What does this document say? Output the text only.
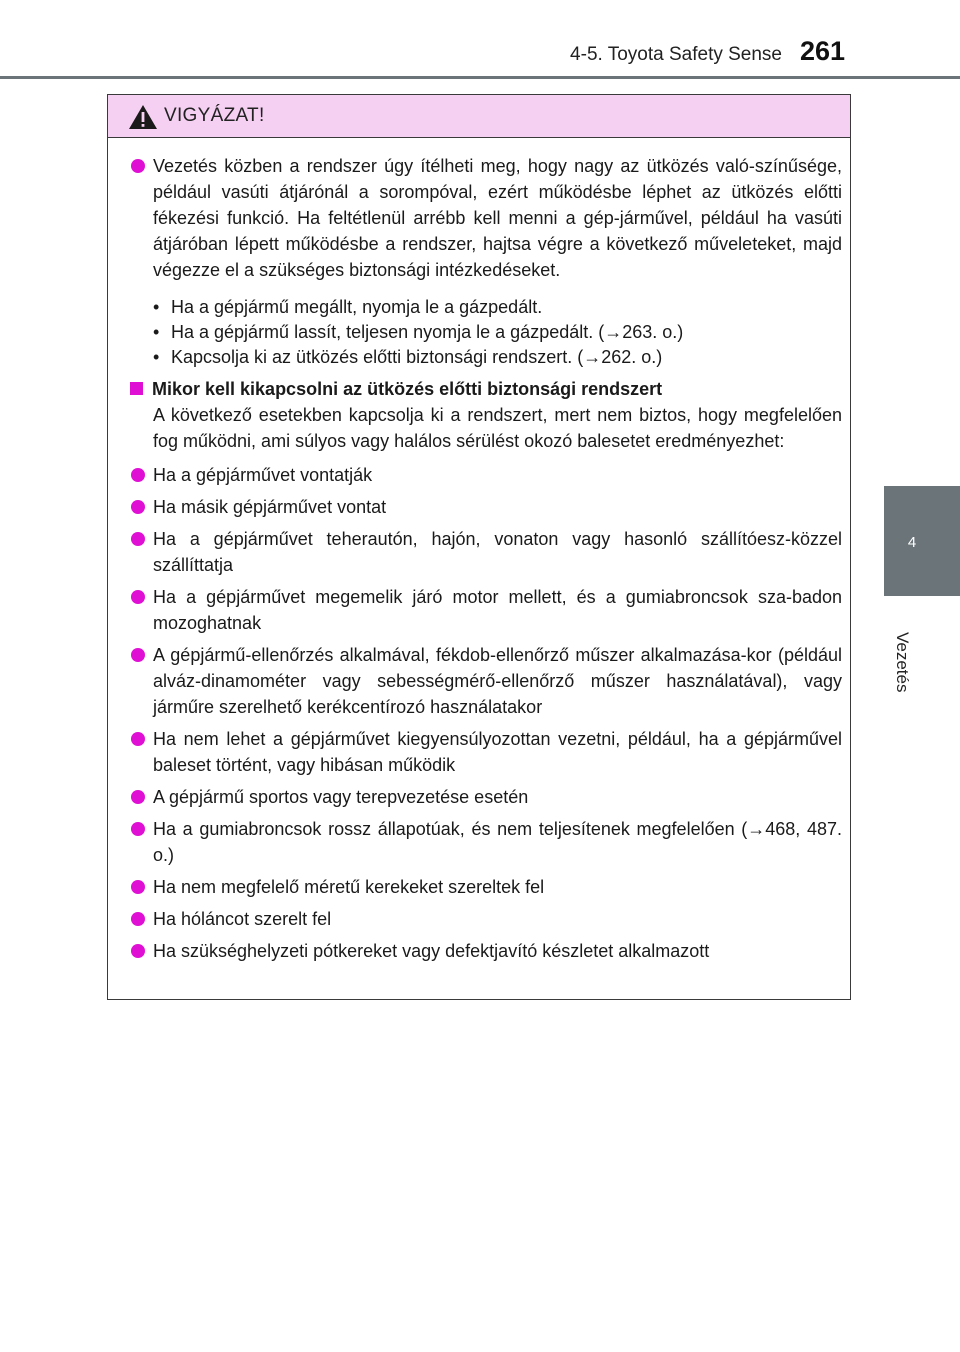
4-5. Toyota Safety Sense 261
4
Vezetés
VIGYÁZAT!
Vezetés közben a rendszer úgy ítélheti meg, hogy nagy az ütközés való-színűsége, például vasúti átjárónál a sorompóval, ezért működésbe léphet az ütközés előtti fékezési funkció. Ha feltétlenül arrébb kell menni a gép-járművel, például ha vasúti átjáróban lépett működésbe a rendszer, hajtsa végre a következő műveleteket, majd végezze el a szükséges biztonsági intézkedéseket.
• Ha a gépjármű megállt, nyomja le a gázpedált.
• Ha a gépjármű lassít, teljesen nyomja le a gázpedált. (→263. o.)
• Kapcsolja ki az ütközés előtti biztonsági rendszert. (→262. o.)
Mikor kell kikapcsolni az ütközés előtti biztonsági rendszert
A következő esetekben kapcsolja ki a rendszert, mert nem biztos, hogy megfelelően fog működni, ami súlyos vagy halálos sérülést okozó balesetet eredményezhet:
Ha a gépjárművet vontatják
Ha másik gépjárművet vontat
Ha a gépjárművet teherautón, hajón, vonaton vagy hasonló szállítóesz-közzel szállíttatja
Ha a gépjárművet megemelik járó motor mellett, és a gumiabroncsok sza-badon mozoghatnak
A gépjármű-ellenőrzés alkalmával, fékdob-ellenőrző műszer alkalmazása-kor (például alváz-dinamométer vagy sebességmérő-ellenőrző műszer használatával), vagy járműre szerelhető kerékcentírozó használatakor
Ha nem lehet a gépjárművet kiegyensúlyozottan vezetni, például, ha a gépjárművel baleset történt, vagy hibásan működik
A gépjármű sportos vagy terepvezetése esetén
Ha a gumiabroncsok rossz állapotúak, és nem teljesítenek megfelelően (→468, 487. o.)
Ha nem megfelelő méretű kerekeket szereltek fel
Ha hóláncot szerelt fel
Ha szükséghelyzeti pótkereket vagy defektjavító készletet alkalmazott
